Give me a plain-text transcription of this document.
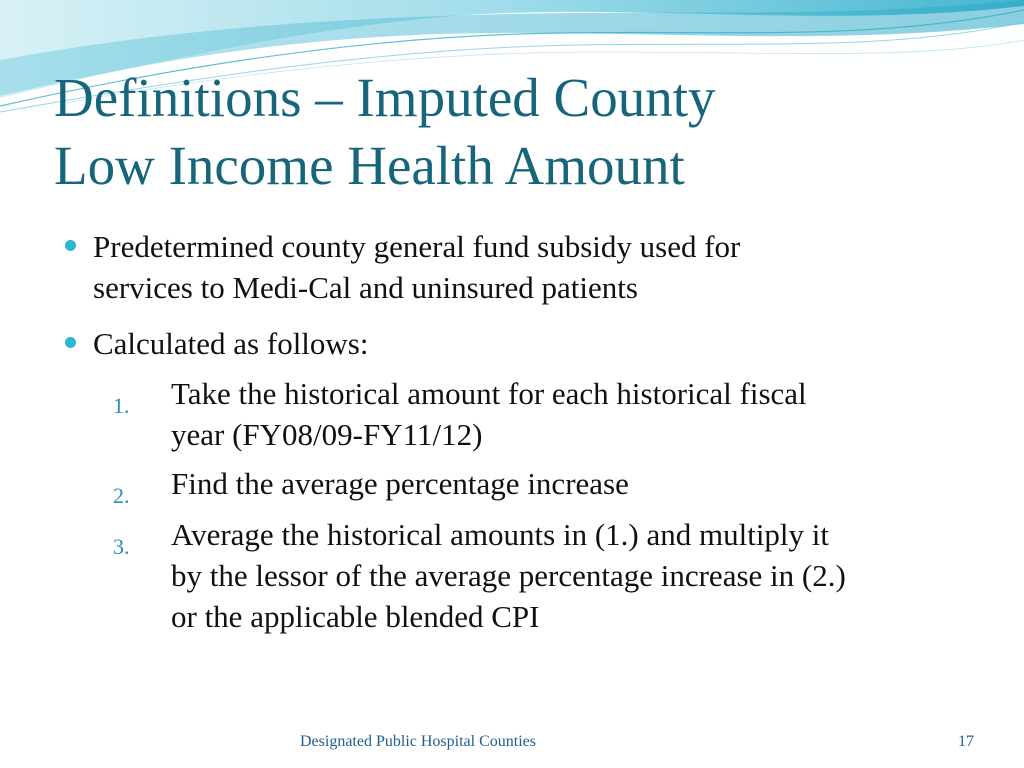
Definitions – Imputed County
Low Income Health Amount
Predetermined county general fund subsidy used for
services to Medi-Cal and uninsured patients
Calculated as follows:
1. Take the historical amount for each historical fiscal
year (FY08/09-FY11/12)
2. Find the average percentage increase
3. Average the historical amounts in (1.) and multiply it
by the lessor of the average percentage increase in (2.)
or the applicable blended CPI
Designated Public Hospital Counties	17
